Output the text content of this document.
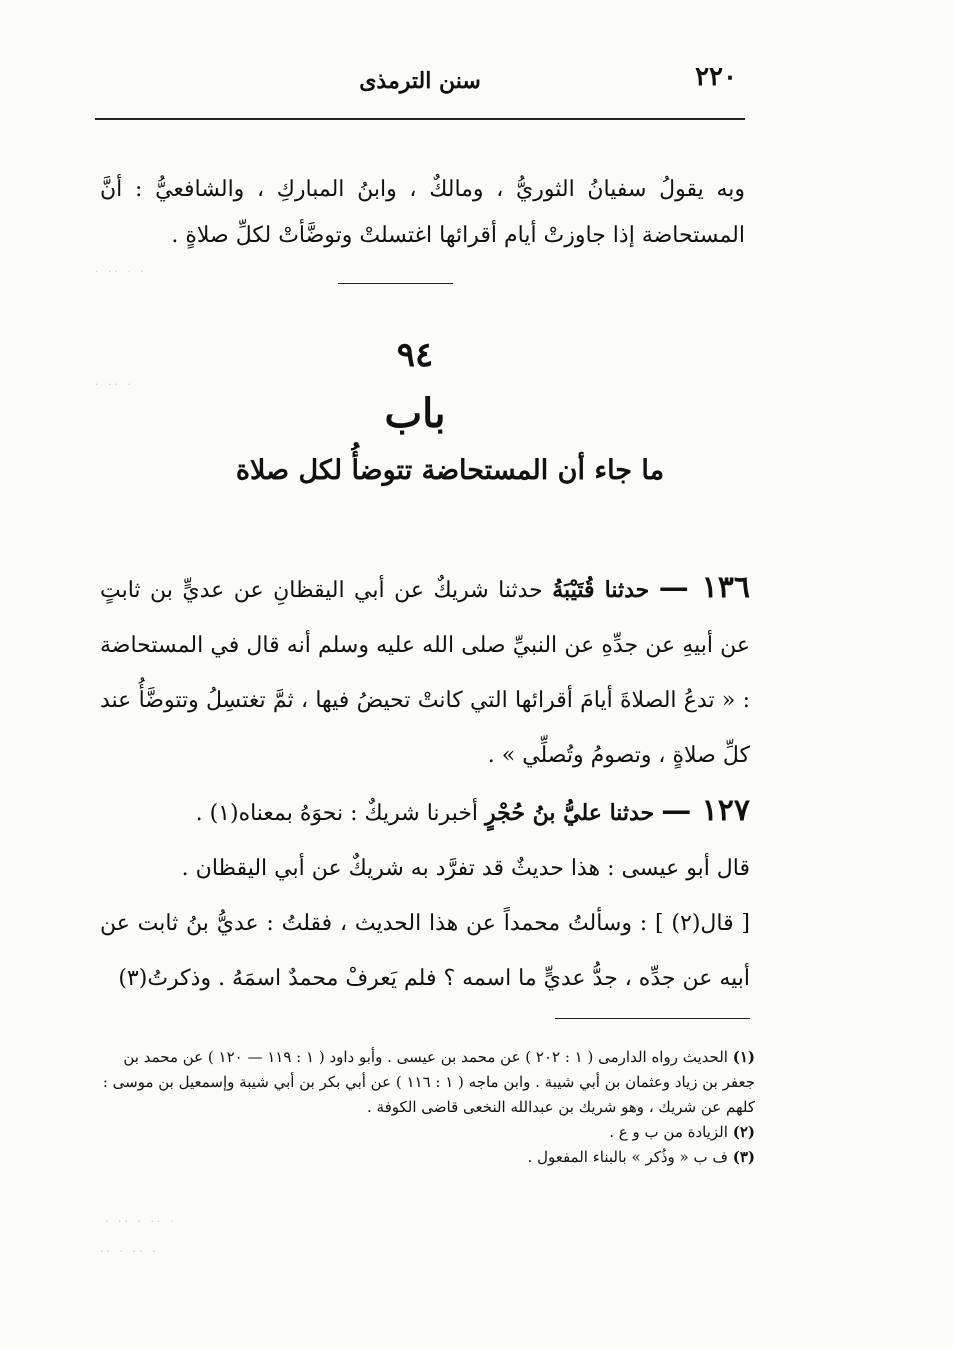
٢٢٠
سنن الترمذى

وبه يقولُ سفيانُ الثوريُّ ، ومالكٌ ، وابنُ المباركِ ، والشافعيُّ : أنَّ المستحاضة إذا جاوزتْ أيام أقرائها اغتسلتْ وتوضَّأتْ لكلِّ صلاةٍ .

٩٤
باب
ما جاء أن المستحاضة تتوضأُ لكل صلاة

١٣٦ — حدثنا قُتَيْبَةُ حدثنا شريكٌ عن أبي اليقظانِ عن عديٍّ بن ثابتٍ عن أبيهِ عن جدِّهِ عن النبيِّ صلى الله عليه وسلم أنه قال في المستحاضة : « تدعُ الصلاةَ أيامَ أقرائها التي كانتْ تحيضُ فيها ، ثمَّ تغتسِلُ وتتوضَّأُ عند كلِّ صلاةٍ ، وتصومُ وتُصلِّي » .

١٢٧ — حدثنا عليُّ بنُ حُجْرٍ أخبرنا شريكٌ : نحوَهُ بمعناه(١) .

قال أبو عيسى : هذا حديثٌ قد تفرَّد به شريكٌ عن أبي اليقظان .

[ قال(٢) ] : وسألتُ محمداً عن هذا الحديث ، فقلتُ : عديُّ بنُ ثابت عن أبيه عن جدِّه ، جدُّ عديٍّ ما اسمه ؟ فلم يَعرفْ محمدٌ اسمَهُ . وذكرتُ(٣)

(١) الحديث رواه الدارمى ( ١ : ٢٠٢ ) عن محمد بن عيسى . وأبو داود ( ١ : ١١٩ — ١٢٠ ) عن محمد بن جعفر بن زياد وعثمان بن أبي شيبة . وابن ماجه ( ١ : ١١٦ ) عن أبي بكر بن أبي شيبة وإسمعيل بن موسى : كلهم عن شريك ، وهو شريك بن عبدالله النخعى قاضى الكوفة .

(٢) الزيادة من ب و ع .

(٣) ف ب « وذُكر » بالبناء المفعول .

· ·· · ·
· ·· ·
· ·· · ·· ·
·· · ·· ·
